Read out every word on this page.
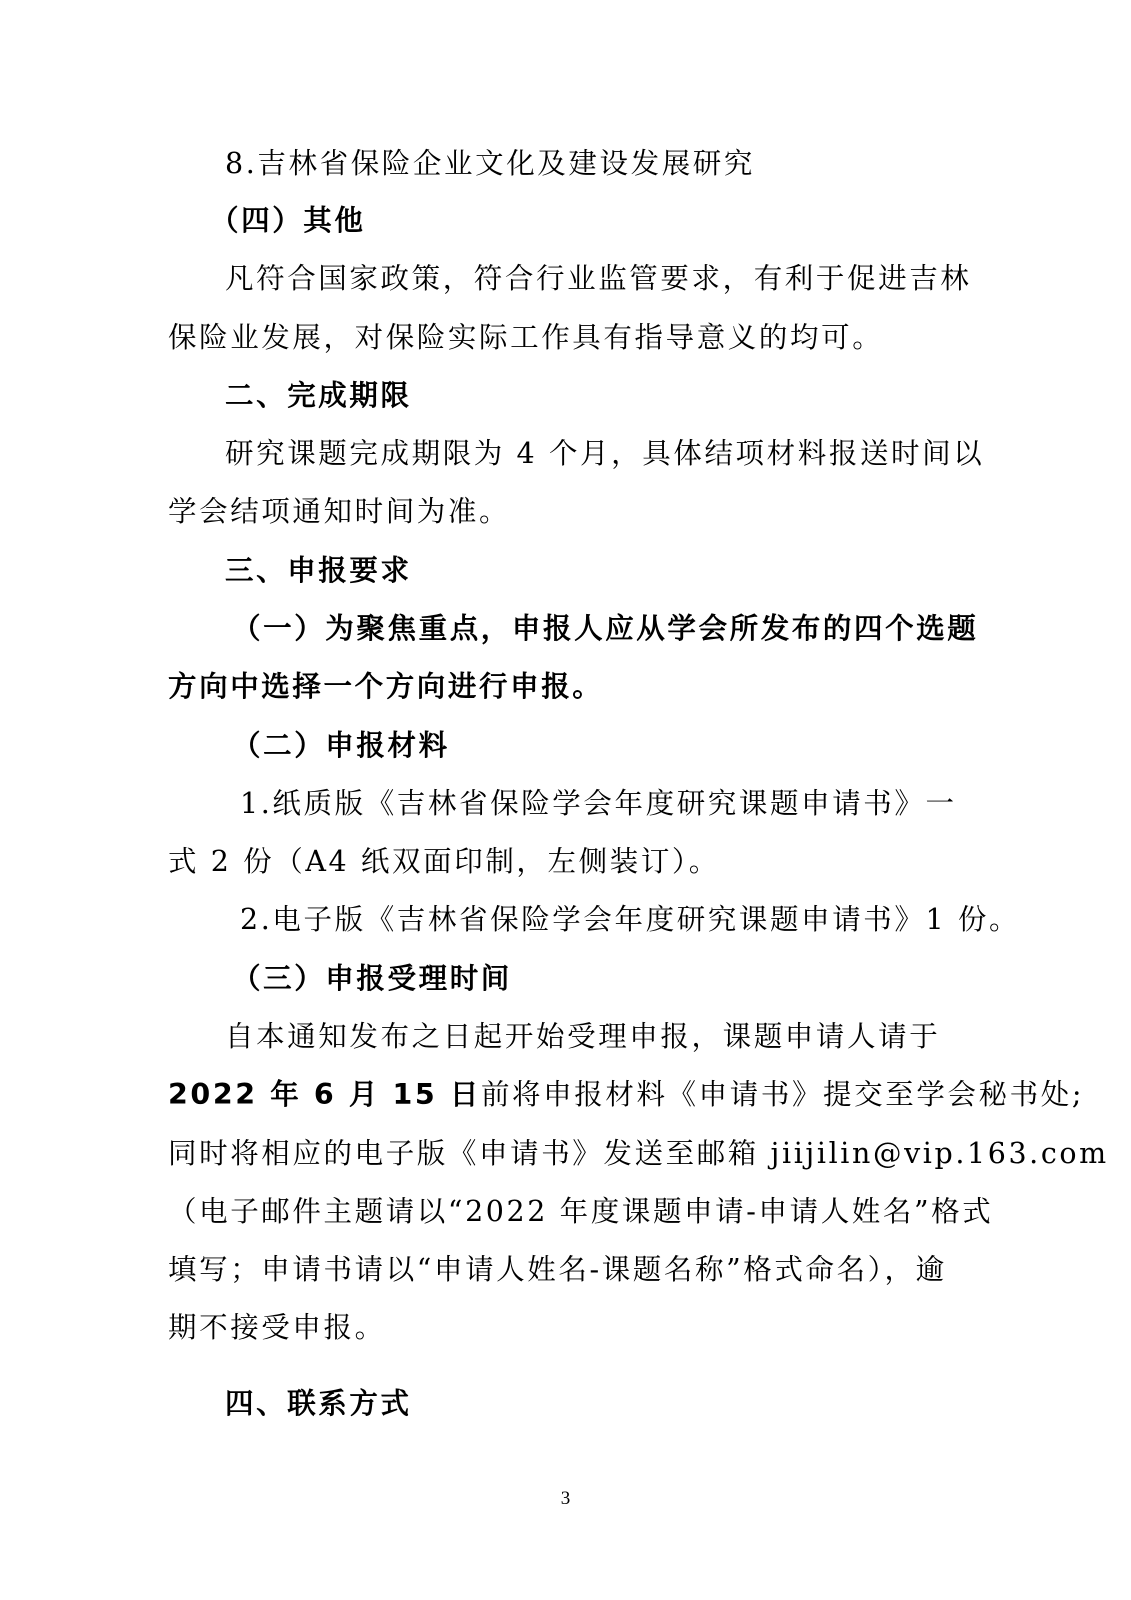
8.吉林省保险企业文化及建设发展研究
（四）其他
凡符合国家政策，符合行业监管要求，有利于促进吉林
保险业发展，对保险实际工作具有指导意义的均可。
二、完成期限
研究课题完成期限为 4 个月，具体结项材料报送时间以
学会结项通知时间为准。
三、申报要求
（一）为聚焦重点，申报人应从学会所发布的四个选题
方向中选择一个方向进行申报。
（二）申报材料
1.纸质版《吉林省保险学会年度研究课题申请书》一
式 2 份（A4 纸双面印制，左侧装订）。
2.电子版《吉林省保险学会年度研究课题申请书》1 份。
（三）申报受理时间
自本通知发布之日起开始受理申报，课题申请人请于
2022 年 6 月 15 日前将申报材料《申请书》提交至学会秘书处;
同时将相应的电子版《申请书》发送至邮箱 jiijilin@vip.163.com
（电子邮件主题请以“2022 年度课题申请-申请人姓名”格式
填写；申请书请以“申请人姓名-课题名称”格式命名），逾
期不接受申报。
四、联系方式
3
